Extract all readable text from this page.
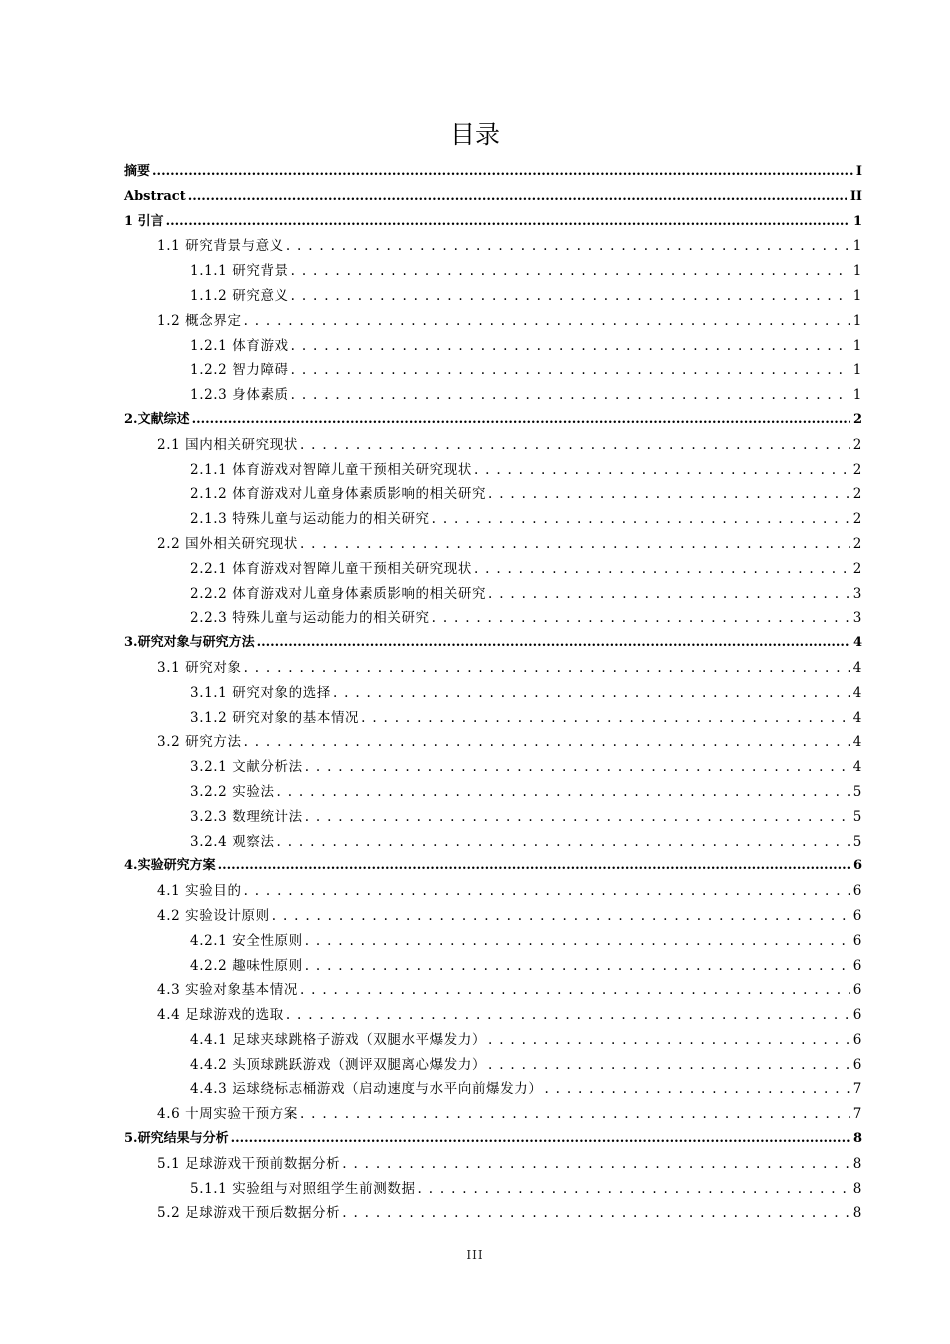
目录
摘要 .....	I
Abstract .....	II
1 引言 .....	1
1.1 研究背景与意义 . . .	1
1.1.1 研究背景 . . .	1
1.1.2 研究意义 . . .	1
1.2 概念界定 . . .	1
1.2.1 体育游戏 . . .	1
1.2.2 智力障碍 . . .	1
1.2.3 身体素质 . . .	1
2.文献综述 .....	2
2.1 国内相关研究现状 . . .	2
2.1.1 体育游戏对智障儿童干预相关研究现状 . . .	2
2.1.2 体育游戏对儿童身体素质影响的相关研究 . . .	2
2.1.3 特殊儿童与运动能力的相关研究 . . .	2
2.2 国外相关研究现状 . . .	2
2.2.1 体育游戏对智障儿童干预相关研究现状 . . .	2
2.2.2 体育游戏对儿童身体素质影响的相关研究 . . .	3
2.2.3 特殊儿童与运动能力的相关研究 . . .	3
3.研究对象与研究方法 .....	4
3.1 研究对象 . . .	4
3.1.1 研究对象的选择 . . .	4
3.1.2 研究对象的基本情况 . . .	4
3.2 研究方法 . . .	4
3.2.1 文献分析法 . . .	4
3.2.2 实验法 . . .	5
3.2.3 数理统计法 . . .	5
3.2.4 观察法 . . .	5
4.实验研究方案 .....	6
4.1 实验目的 . . .	6
4.2 实验设计原则 . . .	6
4.2.1 安全性原则 . . .	6
4.2.2 趣味性原则 . . .	6
4.3 实验对象基本情况 . . .	6
4.4 足球游戏的选取 . . .	6
4.4.1 足球夹球跳格子游戏（双腿水平爆发力） . . .	6
4.4.2 头顶球跳跃游戏（测评双腿离心爆发力） . . .	6
4.4.3 运球绕标志桶游戏（启动速度与水平向前爆发力） . . .	7
4.6 十周实验干预方案 . . .	7
5.研究结果与分析 .....	8
5.1 足球游戏干预前数据分析 . . .	8
5.1.1 实验组与对照组学生前测数据 . . .	8
5.2 足球游戏干预后数据分析 . . .	8
III
